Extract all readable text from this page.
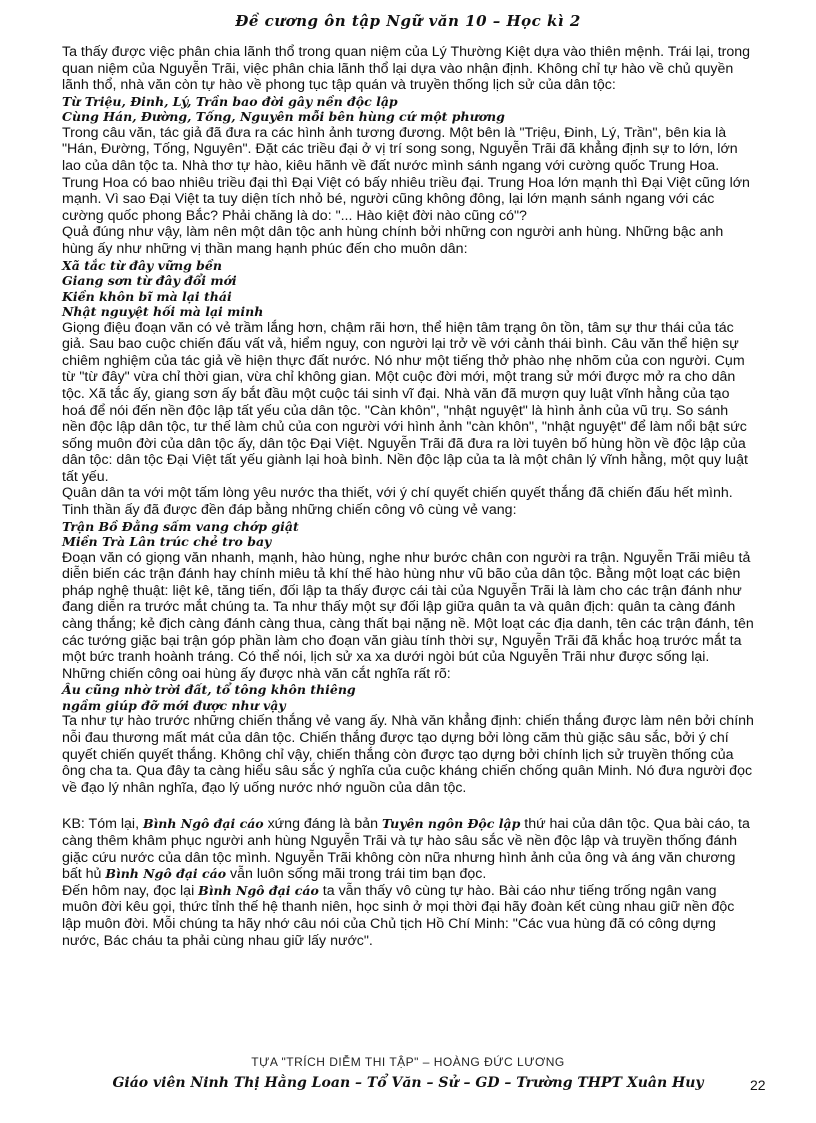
Đề cương ôn tập Ngữ văn 10 – Học kì 2

Ta thấy được việc phân chia lãnh thổ trong quan niệm của Lý Thường Kiệt dựa vào thiên mệnh. Trái lại, trong quan niệm của Nguyễn Trãi, việc phân chia lãnh thổ lại dựa vào nhận định. Không chỉ tự hào về chủ quyền lãnh thổ, nhà văn còn tự hào về phong tục tập quán và truyền thống lịch sử của dân tộc:

Từ Triệu, Đinh, Lý, Trần bao đời gây nền độc lập
Cùng Hán, Đường, Tống, Nguyên mỗi bên hùng cứ một phương

Trong câu văn, tác giả đã đưa ra các hình ảnh tương đương. Một bên là "Triệu, Đinh, Lý, Trần", bên kia là "Hán, Đường, Tống, Nguyên". Đặt các triều đại ở vị trí song song, Nguyễn Trãi đã khẳng định sự to lớn, lớn lao của dân tộc ta. Nhà thơ tự hào, kiêu hãnh về đất nước mình sánh ngang với cường quốc Trung Hoa. Trung Hoa có bao nhiêu triều đại thì Đại Việt có bấy nhiêu triều đại. Trung Hoa lớn mạnh thì Đại Việt cũng lớn mạnh. Vì sao Đại Việt ta tuy diện tích nhỏ bé, người cũng không đông, lại lớn mạnh sánh ngang với các cường quốc phong Bắc? Phải chăng là do: "... Hào kiệt đời nào cũng có"?

Quả đúng như vậy, làm nên một dân tộc anh hùng chính bởi những con người anh hùng. Những bậc anh hùng ấy như những vị thần mang hạnh phúc đến cho muôn dân:

Xã tắc từ đây vững bền
Giang sơn từ đây đổi mới
Kiền khôn bĩ mà lại thái
Nhật nguyệt hối mà lại minh

Giọng điệu đoạn văn có vẻ trầm lắng hơn, chậm rãi hơn, thể hiện tâm trạng ôn tồn, tâm sự thư thái của tác giả. Sau bao cuộc chiến đấu vất vả, hiểm nguy, con người lại trở về với cảnh thái bình. Câu văn thể hiện sự chiêm nghiệm của tác giả về hiện thực đất nước. Nó như một tiếng thở phào nhẹ nhõm của con người. Cụm từ "từ đây" vừa chỉ thời gian, vừa chỉ không gian. Một cuộc đời mới, một trang sử mới được mở ra cho dân tộc. Xã tắc ấy, giang sơn ấy bắt đầu một cuộc tái sinh vĩ đại. Nhà văn đã mượn quy luật vĩnh hằng của tạo hoá để nói đến nền độc lập tất yếu của dân tộc. "Càn khôn", "nhật nguyệt" là hình ảnh của vũ trụ. So sánh nền độc lập dân tộc, tư thế làm chủ của con người với hình ảnh "càn khôn", "nhật nguyệt" để làm nổi bật sức sống muôn đời của dân tộc ấy, dân tộc Đại Việt. Nguyễn Trãi đã đưa ra lời tuyên bố hùng hồn về độc lập của dân tộc: dân tộc Đại Việt tất yếu giành lại hoà bình. Nền độc lập của ta là một chân lý vĩnh hằng, một quy luật tất yếu.

Quân dân ta với một tấm lòng yêu nước tha thiết, với ý chí quyết chiến quyết thắng đã chiến đấu hết mình. Tinh thần ấy đã được đền đáp bằng những chiến công vô cùng vẻ vang:

Trận Bồ Đằng sấm vang chớp giật
Miền Trà Lân trúc chẻ tro bay

Đoạn văn có giọng văn nhanh, mạnh, hào hùng, nghe như bước chân con người ra trận. Nguyễn Trãi miêu tả diễn biến các trận đánh hay chính miêu tả khí thế hào hùng như vũ bão của dân tộc. Bằng một loạt các biện pháp nghệ thuật: liệt kê, tăng tiến, đối lập ta thấy được cái tài của Nguyễn Trãi là làm cho các trận đánh như đang diễn ra trước mắt chúng ta. Ta như thấy một sự đối lập giữa quân ta và quân địch: quân ta càng đánh càng thắng; kẻ địch càng đánh càng thua, càng thất bại nặng nề. Một loạt các địa danh, tên các trận đánh, tên các tướng giặc bại trận góp phần làm cho đoạn văn giàu tính thời sự, Nguyễn Trãi đã khắc hoạ trước mắt ta một bức tranh hoành tráng. Có thể nói, lịch sử xa xa dưới ngòi bút của Nguyễn Trãi như được sống lại. Những chiến công oai hùng ấy được nhà văn cắt nghĩa rất rõ:

Âu cũng nhờ trời đất, tổ tông khôn thiêng
ngầm giúp đỡ mới được như vậy

Ta như tự hào trước những chiến thắng vẻ vang ấy. Nhà văn khẳng định: chiến thắng được làm nên bởi chính nỗi đau thương mất mát của dân tộc. Chiến thắng được tạo dựng bởi lòng căm thù giặc sâu sắc, bởi ý chí quyết chiến quyết thắng. Không chỉ vậy, chiến thắng còn được tạo dựng bởi chính lịch sử truyền thống của ông cha ta. Qua đây ta càng hiểu sâu sắc ý nghĩa của cuộc kháng chiến chống quân Minh. Nó đưa người đọc về đạo lý nhân nghĩa, đạo lý uống nước nhớ nguồn của dân tộc.

KB: Tóm lại, Bình Ngô đại cáo xứng đáng là bản Tuyên ngôn Độc lập thứ hai của dân tộc. Qua bài cáo, ta càng thêm khâm phục người anh hùng Nguyễn Trãi và tự hào sâu sắc về nền độc lập và truyền thống đánh giặc cứu nước của dân tộc mình. Nguyễn Trãi không còn nữa nhưng hình ảnh của ông và áng văn chương bất hủ Bình Ngô đại cáo vẫn luôn sống mãi trong trái tim bạn đọc.

Đến hôm nay, đọc lại Bình Ngô đại cáo ta vẫn thấy vô cùng tự hào. Bài cáo như tiếng trống ngân vang muôn đời kêu gọi, thức tỉnh thế hệ thanh niên, học sinh ở mọi thời đại hãy đoàn kết cùng nhau giữ nền độc lập muôn đời. Mỗi chúng ta hãy nhớ câu nói của Chủ tịch Hồ Chí Minh: "Các vua hùng đã có công dựng nước, Bác cháu ta phải cùng nhau giữ lấy nước".

TỰA "TRÍCH DIỄM THI TẬP" – HOÀNG ĐỨC LƯƠNG
Giáo viên Ninh Thị Hằng Loan – Tổ Văn – Sử – GD – Trường THPT Xuân Huy	22
